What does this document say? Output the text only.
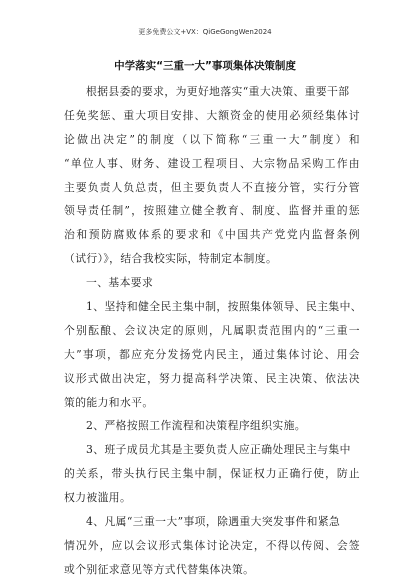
更多免费公文+VX：QiGeGongWen2024
中学落实“三重一大”事项集体决策制度
根据县委的要求，为更好地落实“重大决策、重要干部
任免奖惩、重大项目安排、大额资金的使用必须经集体讨
论做出决定”的制度（以下简称“三重一大”制度）和
“单位人事、财务、建设工程项目、大宗物品采购工作由
主要负责人负总责，但主要负责人不直接分管，实行分管
领导责任制”，按照建立健全教育、制度、监督并重的惩
治和预防腐败体系的要求和《中国共产党党内监督条例
（试行）》，结合我校实际，特制定本制度。
一、基本要求
1、坚持和健全民主集中制，按照集体领导、民主集中、
个别酝酿、会议决定的原则，凡属职责范围内的“三重一
大”事项，都应充分发扬党内民主，通过集体讨论、用会
议形式做出决定，努力提高科学决策、民主决策、依法决
策的能力和水平。
2、严格按照工作流程和决策程序组织实施。
3、班子成员尤其是主要负责人应正确处理民主与集中
的关系，带头执行民主集中制，保证权力正确行使，防止
权力被滥用。
4、凡属“三重一大”事项，除遇重大突发事件和紧急
情况外，应以会议形式集体讨论决定，不得以传阅、会签
或个别征求意见等方式代替集体决策。
